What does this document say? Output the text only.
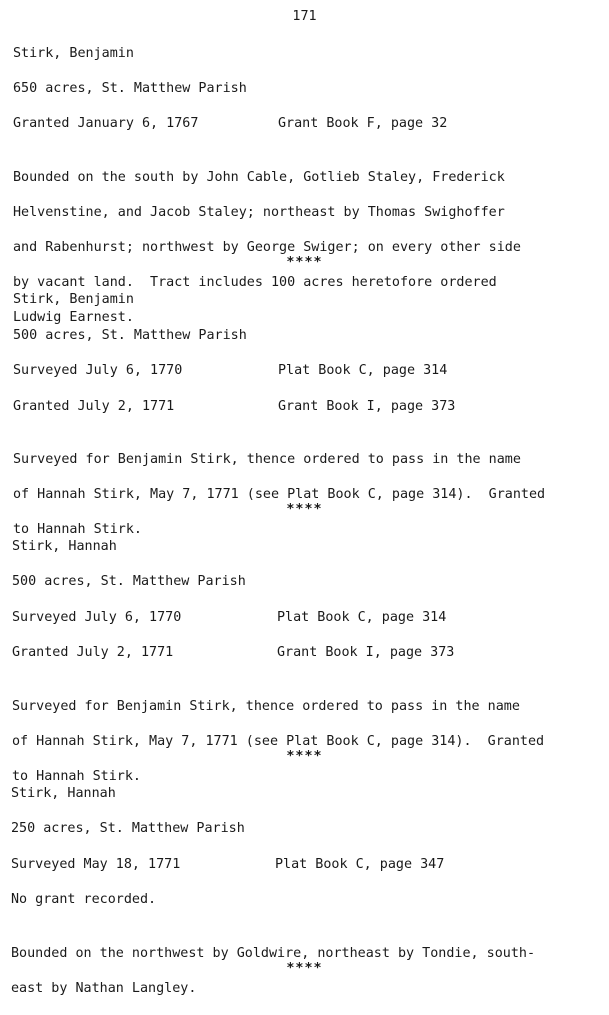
171
Stirk, Benjamin
650 acres, St. Matthew Parish
Granted January 6, 1767	Grant Book F, page 32

Bounded on the south by John Cable, Gotlieb Staley, Frederick

Helvenstine, and Jacob Staley; northeast by Thomas Swighoffer

and Rabenhurst; northwest by George Swiger; on every other side

by vacant land.  Tract includes 100 acres heretofore ordered

Ludwig Earnest.

****
Stirk, Benjamin
500 acres, St. Matthew Parish
Surveyed July 6, 1770	Plat Book C, page 314
Granted July 2, 1771	Grant Book I, page 373

Surveyed for Benjamin Stirk, thence ordered to pass in the name

of Hannah Stirk, May 7, 1771 (see Plat Book C, page 314).  Granted

to Hannah Stirk.

****
Stirk, Hannah
500 acres, St. Matthew Parish
Surveyed July 6, 1770	Plat Book C, page 314
Granted July 2, 1771	Grant Book I, page 373

Surveyed for Benjamin Stirk, thence ordered to pass in the name

of Hannah Stirk, May 7, 1771 (see Plat Book C, page 314).  Granted

to Hannah Stirk.

****
Stirk, Hannah
250 acres, St. Matthew Parish
Surveyed May 18, 1771	Plat Book C, page 347
No grant recorded.

Bounded on the northwest by Goldwire, northeast by Tondie, south-

east by Nathan Langley.

****
